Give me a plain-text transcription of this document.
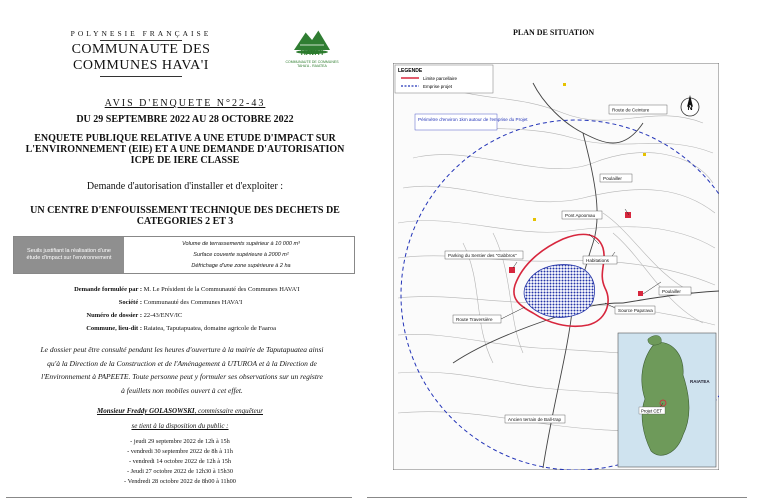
POLYNESIE FRANÇAISE
COMMUNAUTE DES
COMMUNES HAVA'I
HAVA'I
COMMUNAUTE DE COMMUNES TAHA'A - RAIATEA
AVIS D'ENQUETE N°22-43
DU 29 SEPTEMBRE 2022 AU 28 OCTOBRE 2022
ENQUETE PUBLIQUE RELATIVE A UNE ETUDE D'IMPACT SUR
L'ENVIRONNEMENT (EIE) ET A UNE DEMANDE D'AUTORISATION
ICPE DE IERE CLASSE
Demande d'autorisation d'installer et d'exploiter :
UN CENTRE D'ENFOUISSEMENT TECHNIQUE DES DECHETS DE
CATEGORIES 2 ET 3
Seuils justifiant la réalisation d'une
étude d'impact sur l'environnement
Volume de terrassements supérieur à 10 000 m³
Surface couverte supérieure à 2000 m²
Défrichage d'une zone supérieure à 2 ha
Demande formulée par : M. Le Président de la Communauté des Communes HAVA'I
Société : Communauté des Communes HAVA'I
Numéro de dossier : 22-43/ENV/IC
Commune, lieu-dit : Raiatea, Taputapuatea, domaine agricole de Faaroa
Le dossier peut être consulté pendant les heures d'ouverture à la mairie de Taputapuatea ainsi
qu'à la Direction de la Construction et de l'Aménagement à UTUROA et à la Direction de
l'Environnement à PAPEETE. Toute personne peut y formuler ses observations sur un registre
à feuillets non mobiles ouvert à cet effet.
Monsieur Freddy GOLASOWSKI, commissaire enquêteur
se tient à la disposition du public :
- jeudi 29 septembre 2022 de 12h à 15h
- vendredi 30 septembre 2022 de 8h à 11h
- vendredi 14 octobre 2022 de 12h à 15h
- Jeudi 27 octobre 2022 de 12h30 à 15h30
- Vendredi 28 octobre 2022 de 8h00 à 11h00
PLAN DE SITUATION
LEGENDE
Limite parcellaire
Emprise projet
N
Route de Ceinture
Périmètre d'environ 1km autour de l'emprise du Projet
Poulailler
Pont Apoomau
Habitations
Parking du Sentier des "Gabbros"
Poulailler
Source Papa'ava
Route Traversière
Ancien terrain de Ball-trap
Projet CET
RAIATEA
